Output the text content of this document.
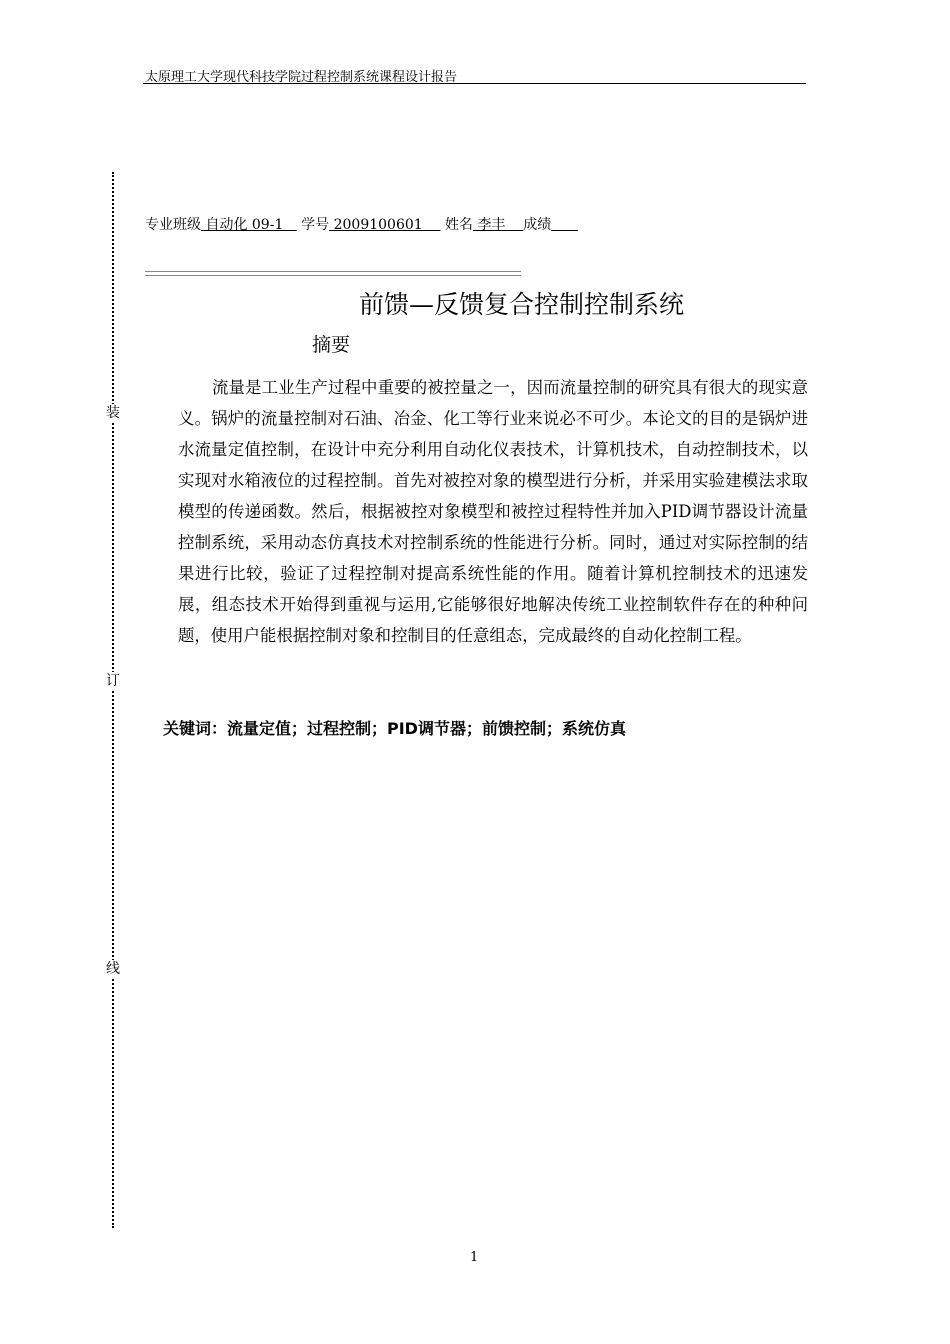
太原理工大学现代科技学院过程控制系统课程设计报告
装
订
线
专业班级 自动化 09-1    学号 2009100601     姓名 李丰    成绩
前馈—反馈复合控制控制系统
摘要
流量是工业生产过程中重要的被控量之一，因而流量控制的研究具有很大的现实意义。锅炉的流量控制对石油、冶金、化工等行业来说必不可少。本论文的目的是锅炉进水流量定值控制，在设计中充分利用自动化仪表技术，计算机技术，自动控制技术，以实现对水箱液位的过程控制。首先对被控对象的模型进行分析，并采用实验建模法求取模型的传递函数。然后，根据被控对象模型和被控过程特性并加入PID调节器设计流量控制系统，采用动态仿真技术对控制系统的性能进行分析。同时，通过对实际控制的结果进行比较，验证了过程控制对提高系统性能的作用。随着计算机控制技术的迅速发展，组态技术开始得到重视与运用,它能够很好地解决传统工业控制软件存在的种种问题，使用户能根据控制对象和控制目的任意组态，完成最终的自动化控制工程。
关键词：流量定值；过程控制；PID调节器；前馈控制；系统仿真
1
